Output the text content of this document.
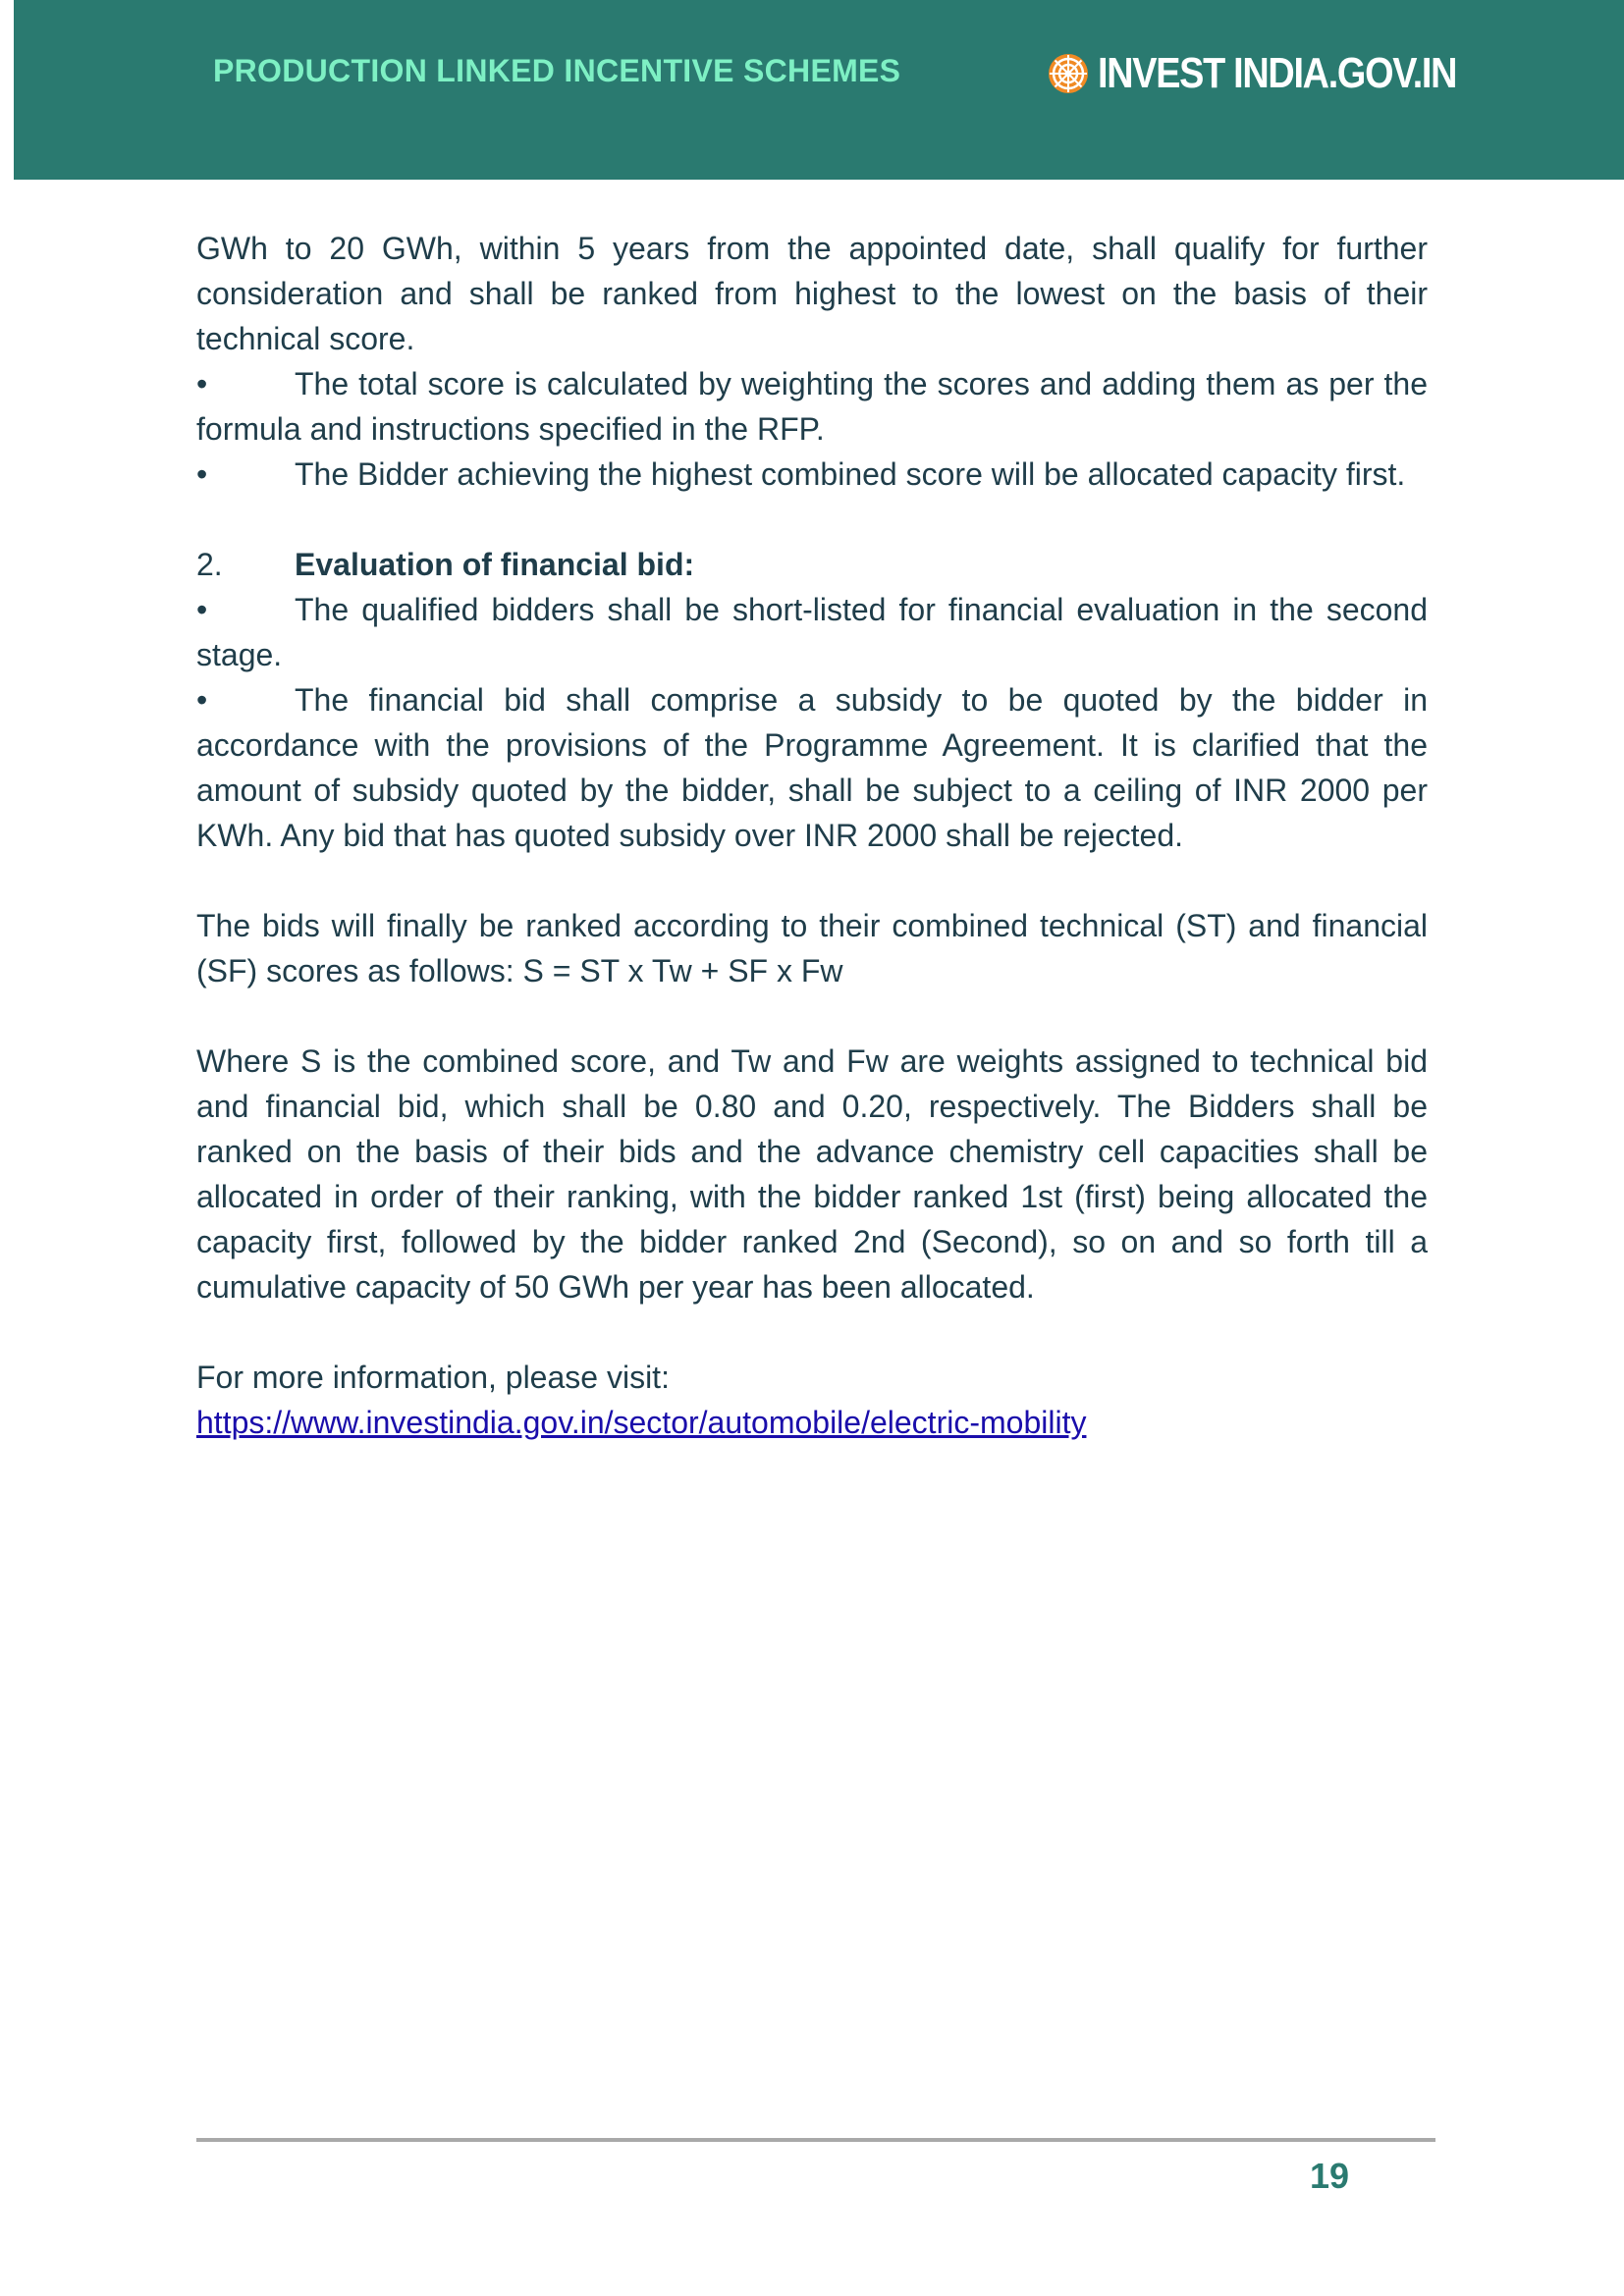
PRODUCTION LINKED INCENTIVE SCHEMES	INVEST INDIA.GOV.IN

GWh to 20 GWh, within 5 years from the appointed date, shall qualify for further consideration and shall be ranked from highest to the lowest on the basis of their technical score.

•	The total score is calculated by weighting the scores and adding them as per the formula and instructions specified in the RFP.

•	The Bidder achieving the highest combined score will be allocated capacity first.

2. Evaluation of financial bid:

•	The qualified bidders shall be short-listed for financial evaluation in the second stage.

•	The financial bid shall comprise a subsidy to be quoted by the bidder in accordance with the provisions of the Programme Agreement. It is clarified that the amount of subsidy quoted by the bidder, shall be subject to a ceiling of INR 2000 per KWh. Any bid that has quoted subsidy over INR 2000 shall be rejected.

The bids will finally be ranked according to their combined technical (ST) and financial (SF) scores as follows: S = ST x Tw + SF x Fw

Where S is the combined score, and Tw and Fw are weights assigned to technical bid and financial bid, which shall be 0.80 and 0.20, respectively. The Bidders shall be ranked on the basis of their bids and the advance chemistry cell capacities shall be allocated in order of their ranking, with the bidder ranked 1st (first) being allocated the capacity first, followed by the bidder ranked 2nd (Second), so on and so forth till a cumulative capacity of 50 GWh per year has been allocated.

For more information, please visit:

https://www.investindia.gov.in/sector/automobile/electric-mobility

19
